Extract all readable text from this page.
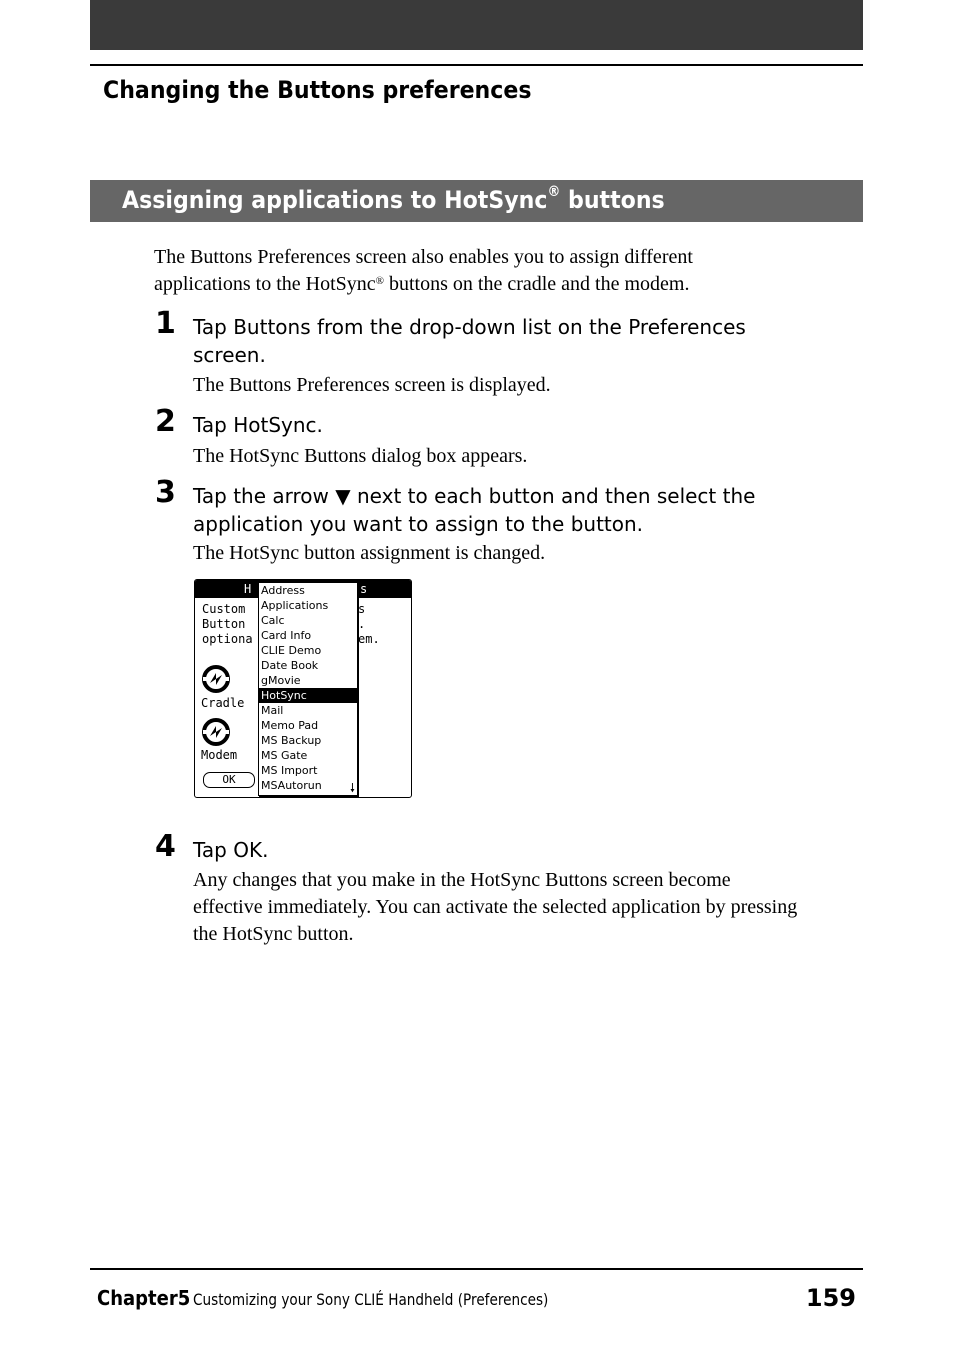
Changing the Buttons preferences
Assigning applications to HotSync® buttons
The Buttons Preferences screen also enables you to assign different
applications to the HotSync® buttons on the cradle and the modem.
1 Tap Buttons from the drop-down list on the Preferences screen.
The Buttons Preferences screen is displayed.
2 Tap HotSync.
The HotSync Buttons dialog box appears.
3 Tap the arrow ▼ next to each button and then select the application you want to assign to the button.
The HotSync button assignment is changed.
H	s
Custom
Button
optiona
s
.
em.
Cradle
Modem
OK
Address
Applications
Calc
Card Info
CLIE Demo
Date Book
gMovie
HotSync
Mail
Memo Pad
MS Backup
MS Gate
MS Import
MSAutorun	🠗
4 Tap OK.
Any changes that you make in the HotSync Buttons screen become effective immediately. You can activate the selected application by pressing the HotSync button.
Chapter5 Customizing your Sony CLIÉ Handheld (Preferences)	159
